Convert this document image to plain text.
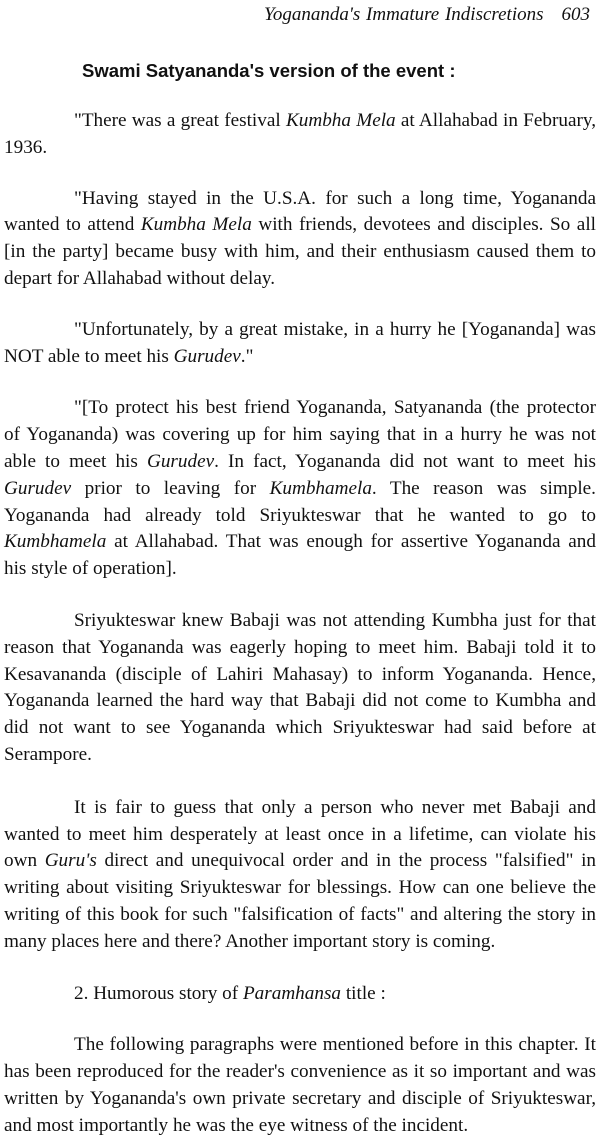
Yogananda's Immature Indiscretions 603
Swami Satyananda's version of the event :

"There was a great festival Kumbha Mela at Allahabad in February, 1936.

"Having stayed in the U.S.A. for such a long time, Yogananda wanted to attend Kumbha Mela with friends, devotees and disciples. So all [in the party] became busy with him, and their enthusiasm caused them to depart for Allahabad without delay.

"Unfortunately, by a great mistake, in a hurry he [Yogananda] was NOT able to meet his Gurudev."

"[To protect his best friend Yogananda, Satyananda (the protector of Yogananda) was covering up for him saying that in a hurry he was not able to meet his Gurudev. In fact, Yogananda did not want to meet his Gurudev prior to leaving for Kumbhamela. The reason was simple. Yogananda had already told Sriyukteswar that he wanted to go to Kumbhamela at Allahabad. That was enough for assertive Yogananda and his style of operation].

Sriyukteswar knew Babaji was not attending Kumbha just for that reason that Yogananda was eagerly hoping to meet him. Babaji told it to Kesavananda (disciple of Lahiri Mahasay) to inform Yogananda. Hence, Yogananda learned the hard way that Babaji did not come to Kumbha and did not want to see Yogananda which Sriyukteswar had said before at Serampore.

It is fair to guess that only a person who never met Babaji and wanted to meet him desperately at least once in a lifetime, can violate his own Guru's direct and unequivocal order and in the process "falsified" in writing about visiting Sriyukteswar for blessings. How can one believe the writing of this book for such "falsification of facts" and altering the story in many places here and there? Another important story is coming.

2. Humorous story of Paramhansa title :

The following paragraphs were mentioned before in this chapter. It has been reproduced for the reader's convenience as it so important and was written by Yogananda's own private secretary and disciple of Sriyukteswar, and most importantly he was the eye witness of the incident.
